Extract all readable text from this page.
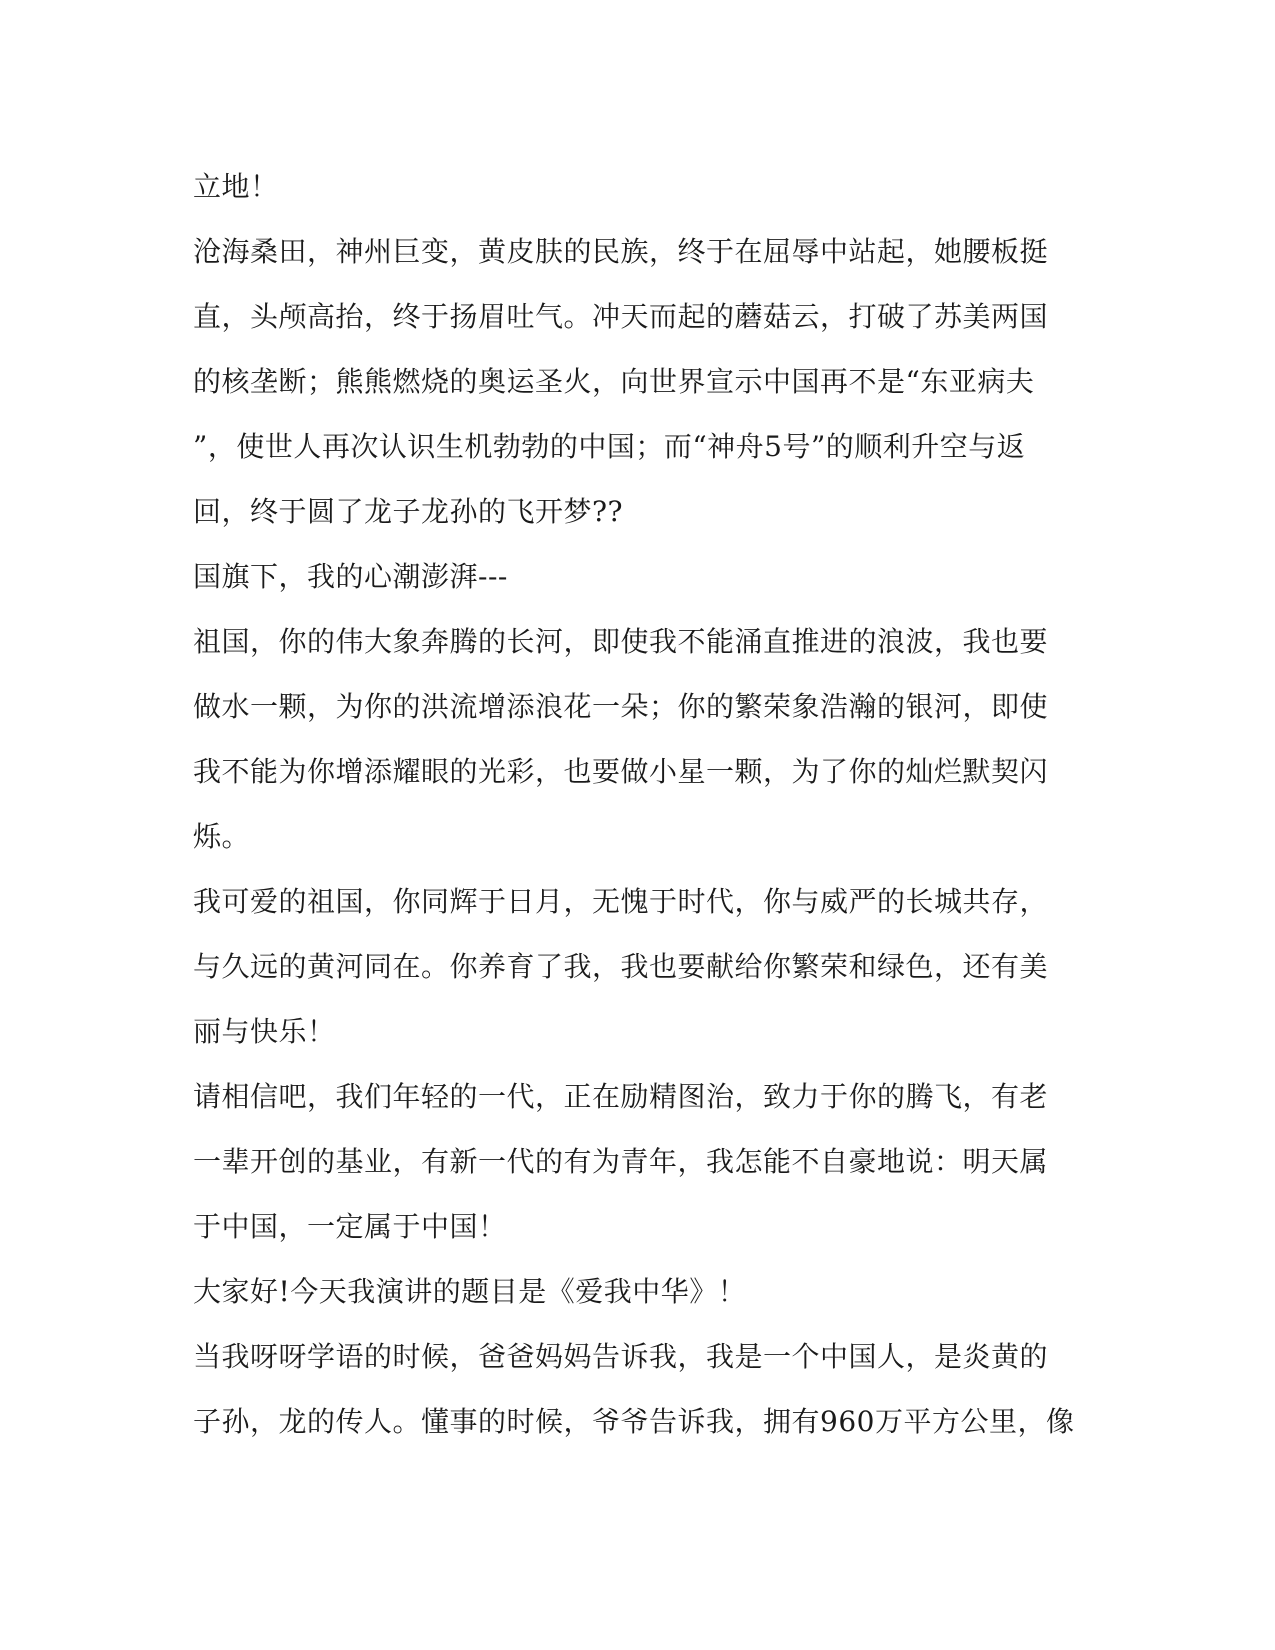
立地！
沧海桑田，神州巨变，黄皮肤的民族，终于在屈辱中站起，她腰板挺
直，头颅高抬，终于扬眉吐气。冲天而起的蘑菇云，打破了苏美两国
的核垄断；熊熊燃烧的奥运圣火，向世界宣示中国再不是“东亚病夫
”，使世人再次认识生机勃勃的中国；而“神舟5号”的顺利升空与返
回，终于圆了龙子龙孙的飞开梦??
国旗下，我的心潮澎湃---
祖国，你的伟大象奔腾的长河，即使我不能涌直推进的浪波，我也要
做水一颗，为你的洪流增添浪花一朵；你的繁荣象浩瀚的银河，即使
我不能为你增添耀眼的光彩，也要做小星一颗，为了你的灿烂默契闪
烁。
我可爱的祖国，你同辉于日月，无愧于时代，你与威严的长城共存，
与久远的黄河同在。你养育了我，我也要献给你繁荣和绿色，还有美
丽与快乐！
请相信吧，我们年轻的一代，正在励精图治，致力于你的腾飞，有老
一辈开创的基业，有新一代的有为青年，我怎能不自豪地说：明天属
于中国，一定属于中国！
大家好!今天我演讲的题目是《爱我中华》！
当我呀呀学语的时候，爸爸妈妈告诉我，我是一个中国人，是炎黄的
子孙，龙的传人。懂事的时候，爷爷告诉我，拥有960万平方公里，像
